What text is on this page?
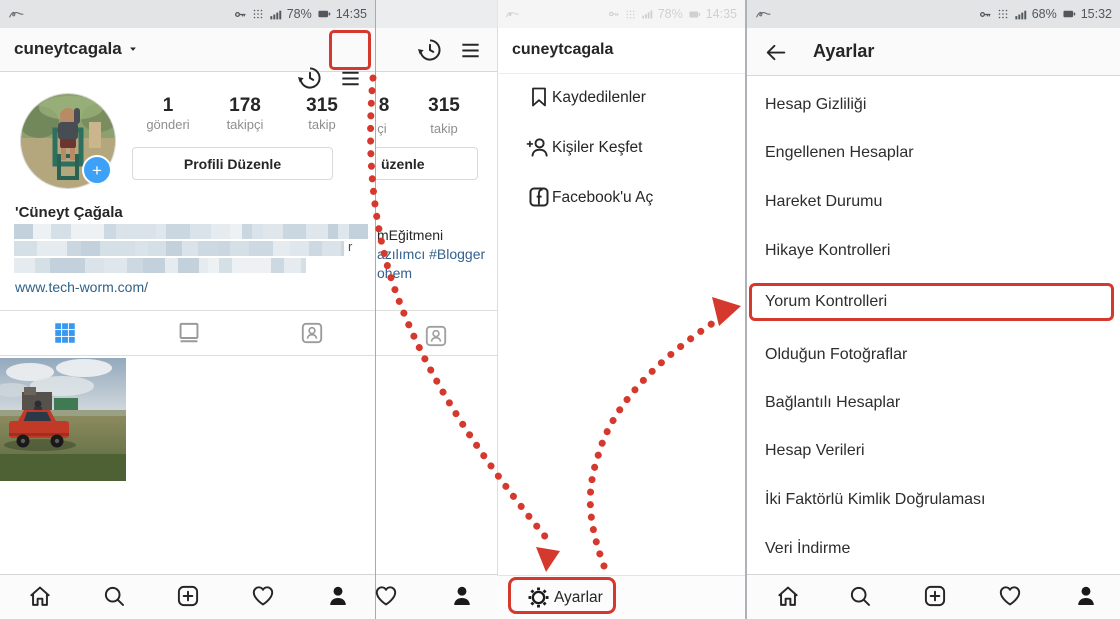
78% 14:35
cuneytcagala
+
1
gönderi
178
takipçi
315
takip
Profili Düzenle
'Cüneyt Çağala
r
www.tech-worm.com/
8
çi
315
takip
üzenle
mEğitmeni
azılımcı #Blogger
ohem
78% 14:35
cuneytcagala
Kaydedilenler
Kişiler Keşfet
Facebook'u Aç
Ayarlar
68% 15:32
Ayarlar
Hesap Gizliliği
Engellenen Hesaplar
Hareket Durumu
Hikaye Kontrolleri
Yorum Kontrolleri
Olduğun Fotoğraflar
Bağlantılı Hesaplar
Hesap Verileri
İki Faktörlü Kimlik Doğrulaması
Veri İndirme
